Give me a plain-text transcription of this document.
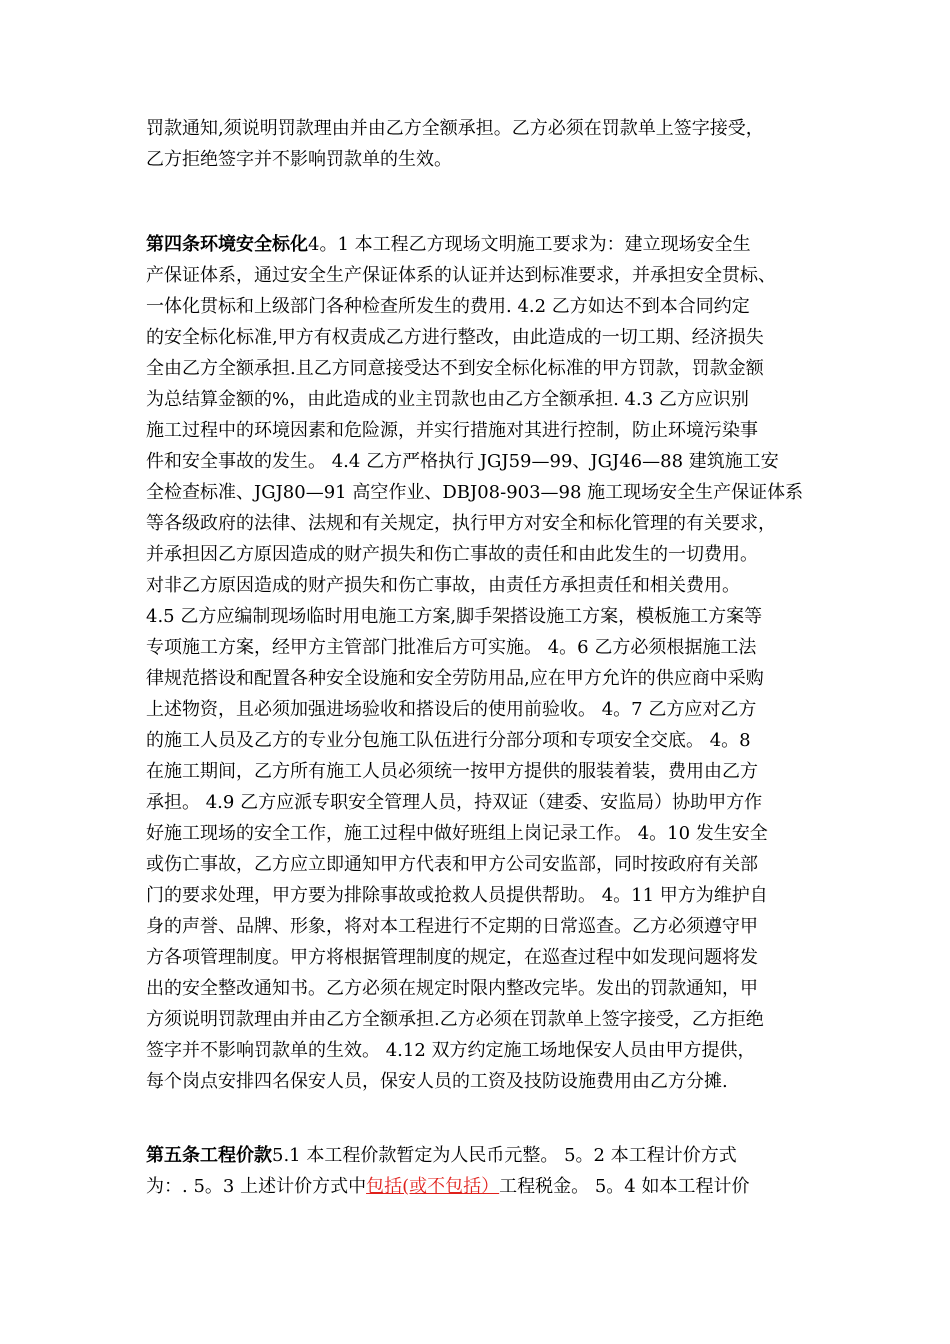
罚款通知,须说明罚款理由并由乙方全额承担。乙方必须在罚款单上签字接受，
乙方拒绝签字并不影响罚款单的生效。
第四条环境安全标化4。1 本工程乙方现场文明施工要求为：建立现场安全生
产保证体系，通过安全生产保证体系的认证并达到标准要求，并承担安全贯标、
一体化贯标和上级部门各种检查所发生的费用. 4.2 乙方如达不到本合同约定
的安全标化标准,甲方有权责成乙方进行整改，由此造成的一切工期、经济损失
全由乙方全额承担.且乙方同意接受达不到安全标化标准的甲方罚款，罚款金额
为总结算金额的%，由此造成的业主罚款也由乙方全额承担. 4.3 乙方应识别
施工过程中的环境因素和危险源，并实行措施对其进行控制，防止环境污染事
件和安全事故的发生。 4.4 乙方严格执行 JGJ59—99、JGJ46—88 建筑施工安
全检查标准、JGJ80—91 高空作业、DBJ08-903—98 施工现场安全生产保证体系
等各级政府的法律、法规和有关规定，执行甲方对安全和标化管理的有关要求，
并承担因乙方原因造成的财产损失和伤亡事故的责任和由此发生的一切费用。
对非乙方原因造成的财产损失和伤亡事故，由责任方承担责任和相关费用。
4.5 乙方应编制现场临时用电施工方案,脚手架搭设施工方案，模板施工方案等
专项施工方案，经甲方主管部门批准后方可实施。 4。6 乙方必须根据施工法
律规范搭设和配置各种安全设施和安全劳防用品,应在甲方允许的供应商中采购
上述物资，且必须加强进场验收和搭设后的使用前验收。 4。7 乙方应对乙方
的施工人员及乙方的专业分包施工队伍进行分部分项和专项安全交底。 4。8
在施工期间，乙方所有施工人员必须统一按甲方提供的服装着装，费用由乙方
承担。 4.9 乙方应派专职安全管理人员，持双证（建委、安监局）协助甲方作
好施工现场的安全工作，施工过程中做好班组上岗记录工作。 4。10 发生安全
或伤亡事故，乙方应立即通知甲方代表和甲方公司安监部，同时按政府有关部
门的要求处理，甲方要为排除事故或抢救人员提供帮助。 4。11 甲方为维护自
身的声誉、品牌、形象，将对本工程进行不定期的日常巡查。乙方必须遵守甲
方各项管理制度。甲方将根据管理制度的规定，在巡查过程中如发现问题将发
出的安全整改通知书。乙方必须在规定时限内整改完毕。发出的罚款通知，甲
方须说明罚款理由并由乙方全额承担.乙方必须在罚款单上签字接受，乙方拒绝
签字并不影响罚款单的生效。 4.12 双方约定施工场地保安人员由甲方提供，
每个岗点安排四名保安人员，保安人员的工资及技防设施费用由乙方分摊.
第五条工程价款5.1 本工程价款暂定为人民币元整。 5。2 本工程计价方式
为：. 5。3 上述计价方式中包括(或不包括）工程税金。 5。4 如本工程计价
